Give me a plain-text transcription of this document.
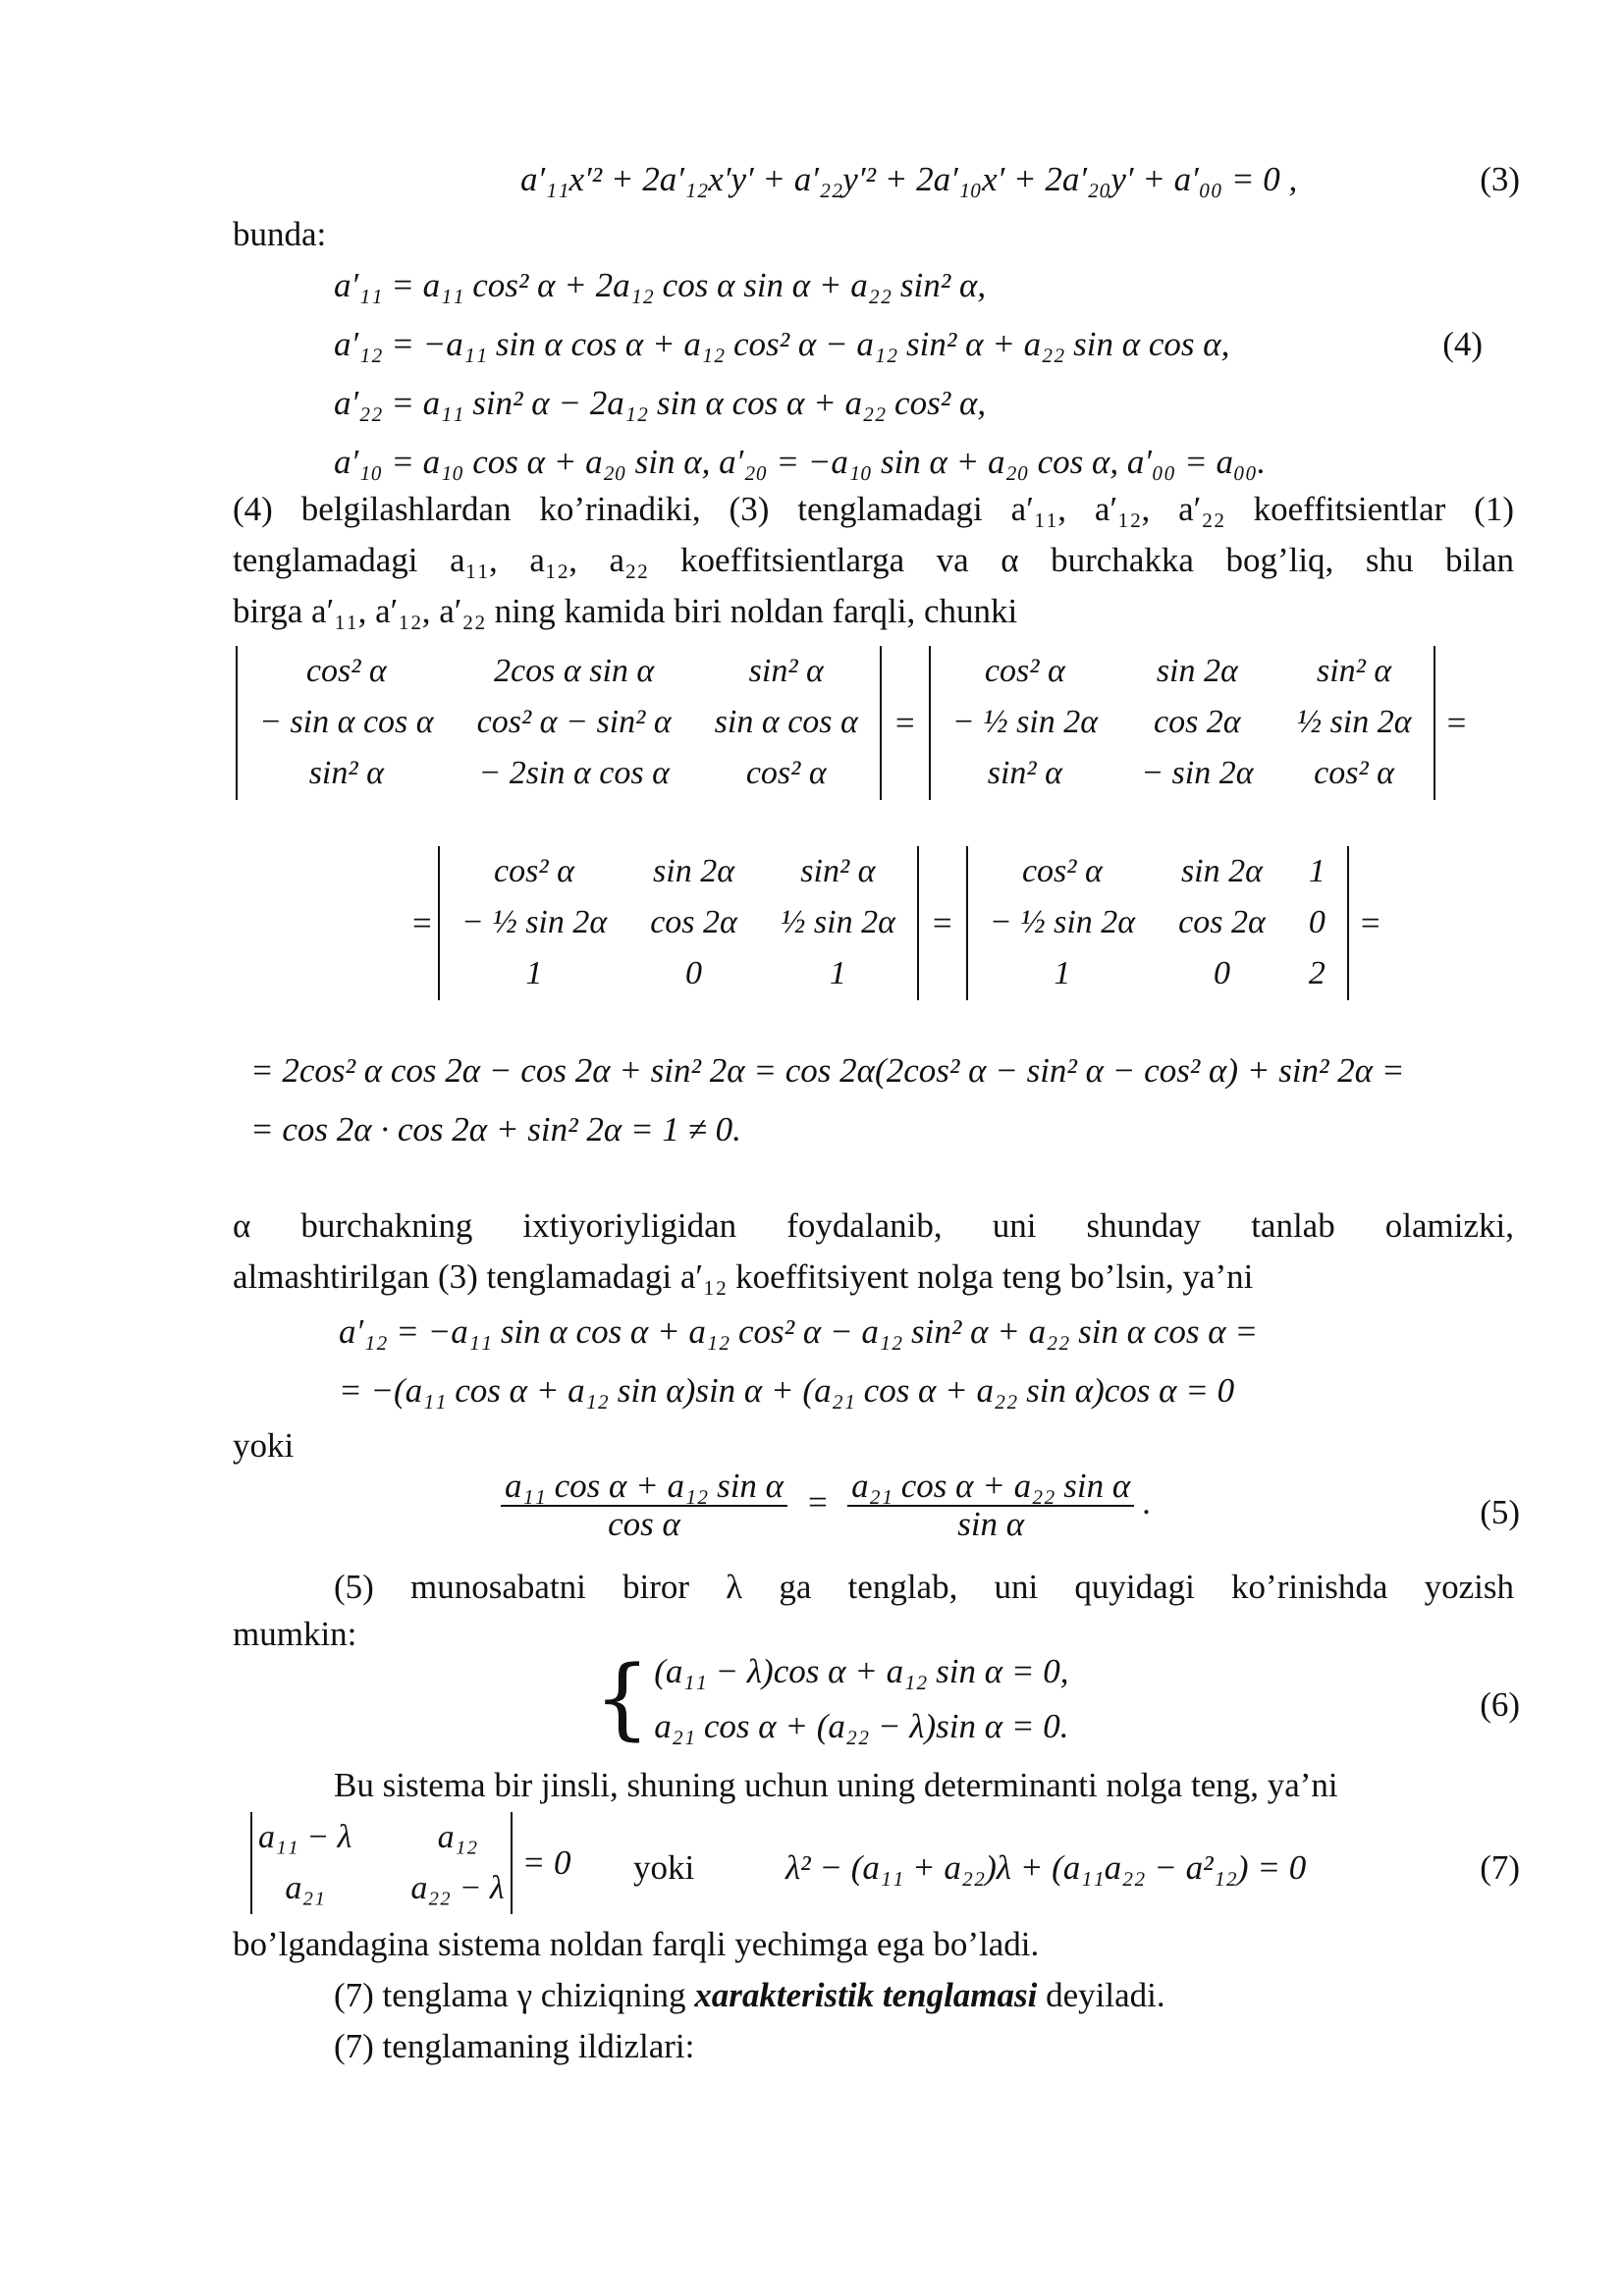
a′₁₁x′² + 2a′₁₂x′y′ + a′₂₂y′² + 2a′₁₀x′ + 2a′₂₀y′ + a′₀₀ = 0 ,	(3)
bunda:
a′₁₁ = a₁₁ cos² α + 2a₁₂ cos α sin α + a₂₂ sin² α,
a′₁₂ = −a₁₁ sin α cos α + a₁₂ cos² α − a₁₂ sin² α + a₂₂ sin α cos α,	(4)
a′₂₂ = a₁₁ sin² α − 2a₁₂ sin α cos α + a₂₂ cos² α,
a′₁₀ = a₁₀ cos α + a₂₀ sin α, a′₂₀ = −a₁₀ sin α + a₂₀ cos α, a′₀₀ = a₀₀.
(4) belgilashlardan ko’rinadiki, (3) tenglamadagi a′₁₁, a′₁₂, a′₂₂ koeffitsientlar (1)
tenglamadagi a₁₁, a₁₂, a₂₂ koeffitsientlarga va α burchakka bog’liq, shu bilan
birga a′₁₁, a′₁₂, a′₂₂ ning kamida biri noldan farqli, chunki
cos² α	2cos α sin α	sin² α
− sin α cos α	cos² α − sin² α	sin α cos α
sin² α	− 2sin α cos α	cos² α
=
cos² α	sin 2α	sin² α
− ½ sin 2α	cos 2α	½ sin 2α
sin² α	− sin 2α	cos² α
=
=
cos² α	sin 2α	sin² α
− ½ sin 2α	cos 2α	½ sin 2α
1	0	1
=
cos² α	sin 2α	1
− ½ sin 2α	cos 2α	0
1	0	2
=
= 2cos² α cos 2α − cos 2α + sin² 2α = cos 2α(2cos² α − sin² α − cos² α) + sin² 2α =
= cos 2α · cos 2α + sin² 2α = 1 ≠ 0.
α burchakning ixtiyoriyligidan foydalanib, uni shunday tanlab olamizki,
almashtirilgan (3) tenglamadagi a′₁₂ koeffitsiyent nolga teng bo’lsin, ya’ni
a′₁₂ = −a₁₁ sin α cos α + a₁₂ cos² α − a₁₂ sin² α + a₂₂ sin α cos α =
= −(a₁₁ cos α + a₁₂ sin α)sin α + (a₂₁ cos α + a₂₂ sin α)cos α = 0
yoki
$\frac{\text{a₁₁ cos α + a₁₂ sin α}}{\text{cos α}} = \frac{\text{a₂₁ cos α + a₂₂ sin α}}{\text{sin α}}$ .	(5)
(5) munosabatni biror λ ga tenglab, uni quyidagi ko’rinishda yozish
mumkin:
{ (a₁₁ − λ)cos α + a₁₂ sin α = 0,
a₂₁ cos α + (a₂₂ − λ)sin α = 0.
(6)
Bu sistema bir jinsli, shuning uchun uning determinanti nolga teng, ya’ni
a₁₁ − λ	a₁₂
a₂₁	a₂₂ − λ
= 0 yoki	λ² − (a₁₁ + a₂₂)λ + (a₁₁a₂₂ − a²₁₂) = 0	(7)
bo’lgandagina sistema noldan farqli yechimga ega bo’ladi.
(7) tenglama γ chiziqning xarakteristik tenglamasi deyiladi.
(7) tenglamaning ildizlari:
